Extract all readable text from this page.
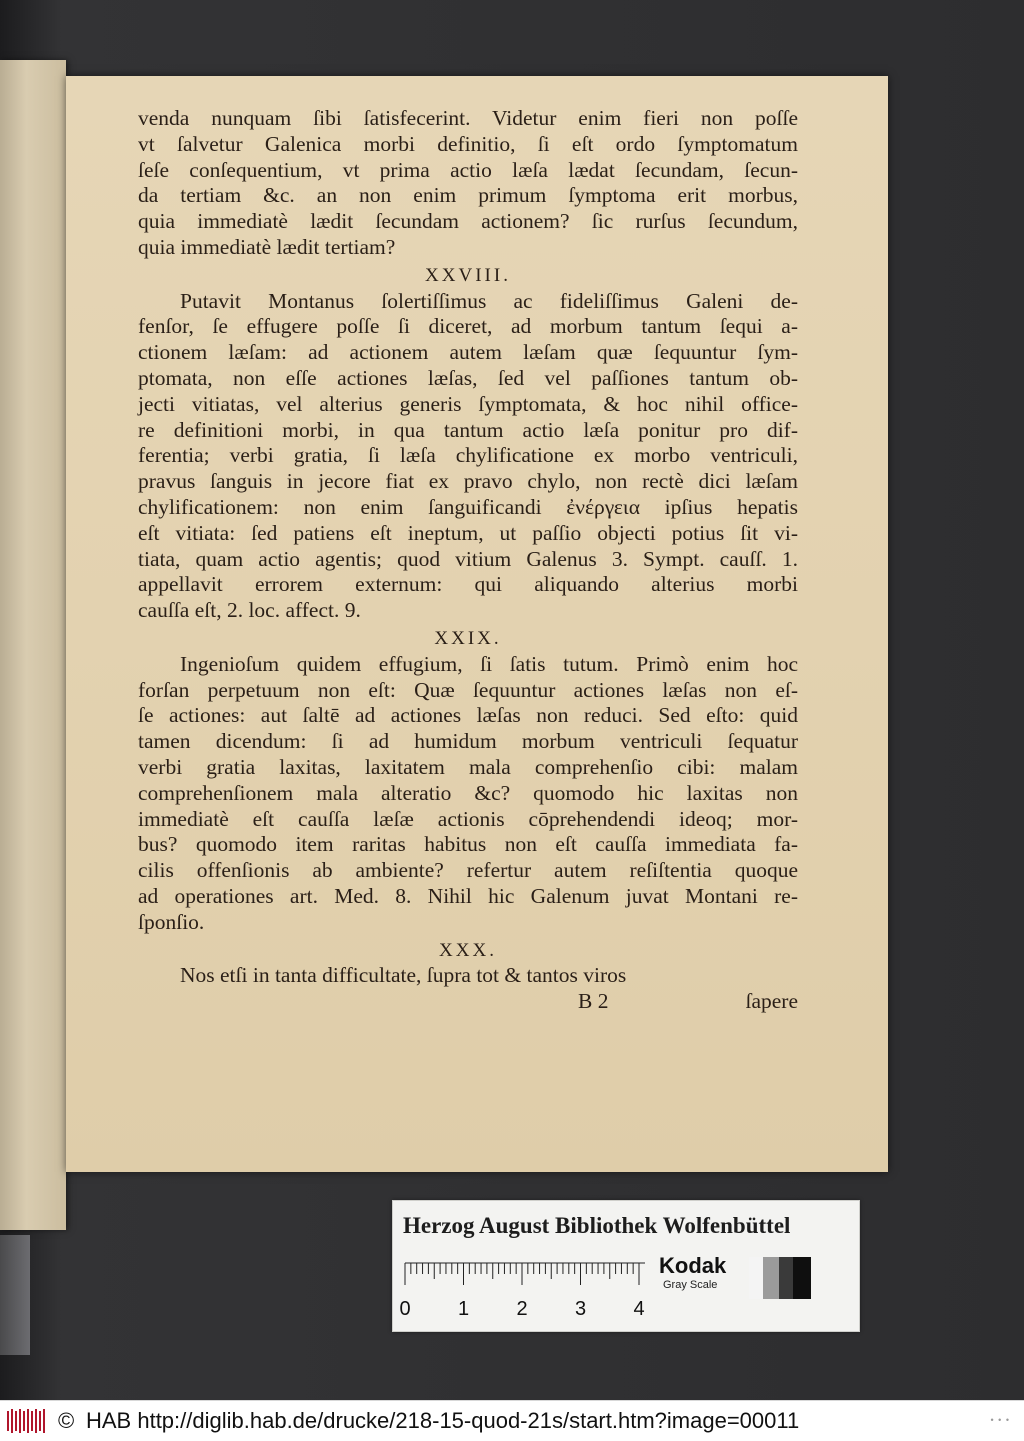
venda nunquam ſibi ſatisfecerint. Videtur enim fieri non poſſe
vt ſalvetur Galenica morbi definitio, ſi eſt ordo ſymptomatum
ſeſe conſequentium, vt prima actio læſa lædat ſecundam, ſecun-
da tertiam &c. an non enim primum ſymptoma erit morbus,
quia immediatè lædit ſecundam actionem? ſic rurſus ſecundum,
quia immediatè lædit tertiam?
XXVIII.
Putavit Montanus ſolertiſſimus ac fideliſſimus Galeni de-
fenſor, ſe effugere poſſe ſi diceret, ad morbum tantum ſequi a-
ctionem læſam: ad actionem autem læſam quæ ſequuntur ſym-
ptomata, non eſſe actiones læſas, ſed vel paſſiones tantum ob-
jecti vitiatas, vel alterius generis ſymptomata, & hoc nihil officе-
re definitioni morbi, in qua tantum actio læſa ponitur pro dif-
ferentia; verbi gratia, ſi læſa chylificatione ex morbo ventriculi,
pravus ſanguis in jecore fiat ex pravo chylo, non rectè dici læſam
chylificationem: non enim ſanguificandi ἐνέργεια ipſius hepatis
eſt vitiata: ſed patiens eſt ineptum, ut paſſio objecti potius ſit vi-
tiata, quam actio agentis; quod vitium Galenus 3. Sympt. cauſſ. 1.
appellavit errorem externum: qui aliquando alterius morbi
cauſſa eſt, 2. loc. affect. 9.
XXIX.
Ingenioſum quidem effugium, ſi ſatis tutum. Primò enim hoc
forſan perpetuum non eſt: Quæ ſequuntur actiones læſas non eſ-
ſe actiones: aut ſaltē ad actiones læſas non reduci. Sed eſto: quid
tamen dicendum: ſi ad humidum morbum ventriculi ſequatur
verbi gratia laxitas, laxitatem mala comprehenſio cibi: malam
comprehenſionem mala alteratio &c? quomodo hic laxitas non
immediatè eſt cauſſa læſæ actionis cōprehendendi ideoq; mor-
bus? quomodo item raritas habitus non eſt cauſſa immediata fa-
cilis offenſionis ab ambiente? refertur autem reſiſtentia quoque
ad operationes art. Med. 8. Nihil hic Galenum juvat Montani re-
ſponſio.
XXX.
Nos etſi in tanta difficultate, ſupra tot & tantos viros
B 2	ſapere
Herzog August Bibliothek Wolfenbüttel
0 1 2 3 4
Kodak
Gray Scale
© HAB http://diglib.hab.de/drucke/218-15-quod-21s/start.htm?image=00011	• • •
